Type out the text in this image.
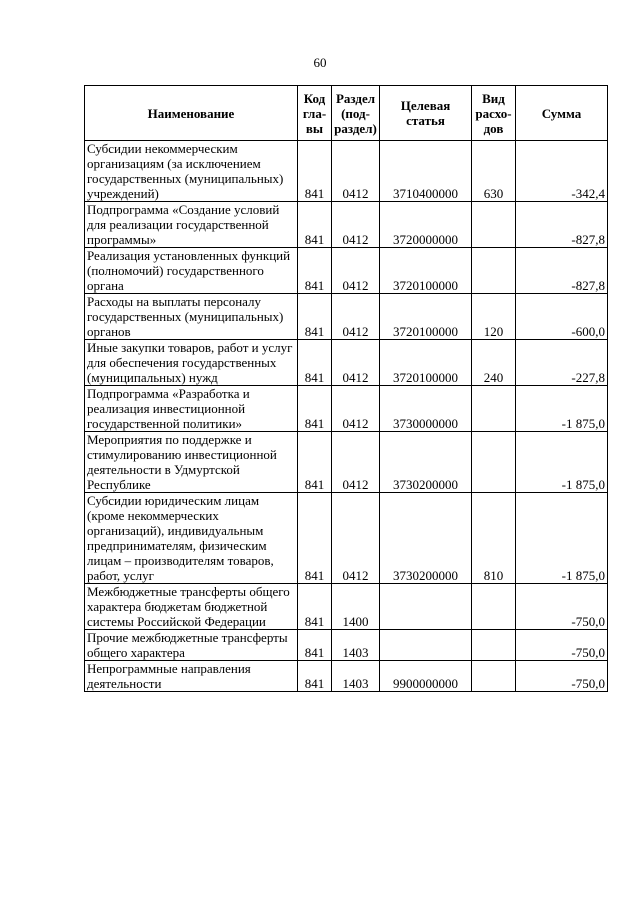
60
Наименование	Код гла- вы	Раздел (под- раздел)	Целевая статья	Вид расхо- дов	Сумма
Субсидии некоммерческим организациям (за исключением государственных (муниципальных) учреждений)	841	0412	3710400000	630	-342,4
Подпрограмма «Создание условий для реализации государственной программы»	841	0412	3720000000		-827,8
Реализация установленных функций (полномочий) государственного органа	841	0412	3720100000		-827,8
Расходы на выплаты персоналу государственных (муниципальных) органов	841	0412	3720100000	120	-600,0
Иные закупки товаров, работ и услуг для обеспечения государственных (муниципальных) нужд	841	0412	3720100000	240	-227,8
Подпрограмма «Разработка и реализация инвестиционной государственной политики»	841	0412	3730000000		-1 875,0
Мероприятия по поддержке и стимулированию инвестиционной деятельности в Удмуртской Республике	841	0412	3730200000		-1 875,0
Субсидии юридическим лицам (кроме некоммерческих организаций), индивидуальным предпринимателям, физическим лицам – производителям товаров, работ, услуг	841	0412	3730200000	810	-1 875,0
Межбюджетные трансферты общего характера бюджетам бюджетной системы Российской Федерации	841	1400			-750,0
Прочие межбюджетные трансферты общего характера	841	1403			-750,0
Непрограммные направления деятельности	841	1403	9900000000		-750,0
